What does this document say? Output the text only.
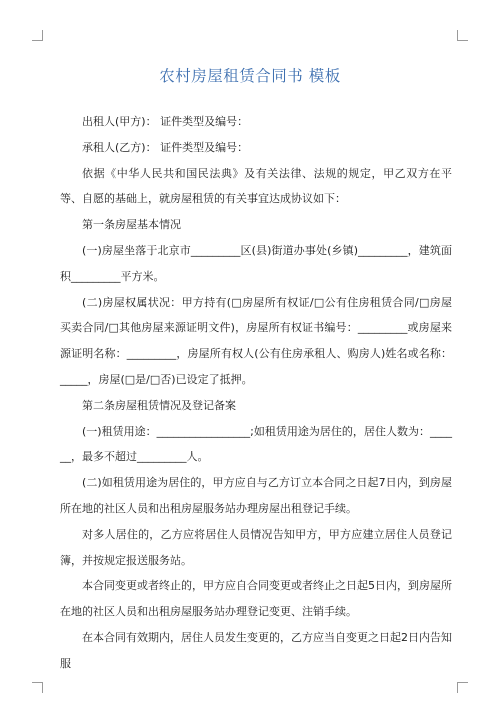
农村房屋租赁合同书 模板

出租人(甲方)： 证件类型及编号：

承租人(乙方)： 证件类型及编号：

依据《中华人民共和国民法典》及有关法律、法规的规定，甲乙双方在平等、自愿的基础上，就房屋租赁的有关事宜达成协议如下：

第一条房屋基本情况

(一)房屋坐落于北京市_________区(县)街道办事处(乡镇)_________，建筑面积_________平方米。

(二)房屋权属状况：甲方持有(□房屋所有权证/□公有住房租赁合同/□房屋买卖合同/□其他房屋来源证明文件)，房屋所有权证书编号：_________或房屋来源证明名称：_________，房屋所有权人(公有住房承租人、购房人)姓名或名称：_____，房屋(□是/□否)已设定了抵押。

第二条房屋租赁情况及登记备案

(一)租赁用途：_________________;如租赁用途为居住的，居住人数为：______，最多不超过_________人。

(二)如租赁用途为居住的，甲方应自与乙方订立本合同之日起7日内，到房屋所在地的社区人员和出租房屋服务站办理房屋出租登记手续。

对多人居住的，乙方应将居住人员情况告知甲方，甲方应建立居住人员登记簿，并按规定报送服务站。

本合同变更或者终止的，甲方应自合同变更或者终止之日起5日内，到房屋所在地的社区人员和出租房屋服务站办理登记变更、注销手续。

在本合同有效期内，居住人员发生变更的，乙方应当自变更之日起2日内告知服
